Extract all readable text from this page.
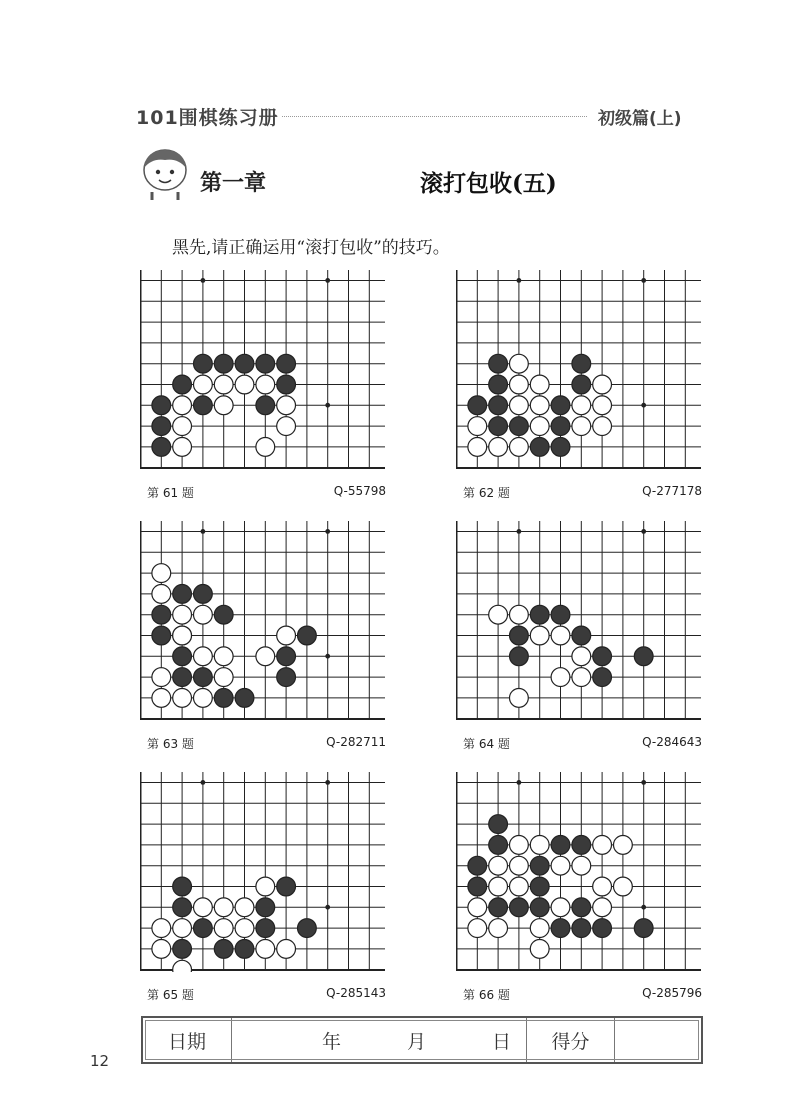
101围棋练习册	初级篇(上)
第一章	滚打包收(五)
黑先,请正确运用“滚打包收”的技巧。
第 61 题	Q-55798	第 62 题	Q-277178
第 63 题	Q-282711	第 64 题	Q-284643
第 65 题	Q-285143	第 66 题	Q-285796
日期	年	月	日	得分
12
